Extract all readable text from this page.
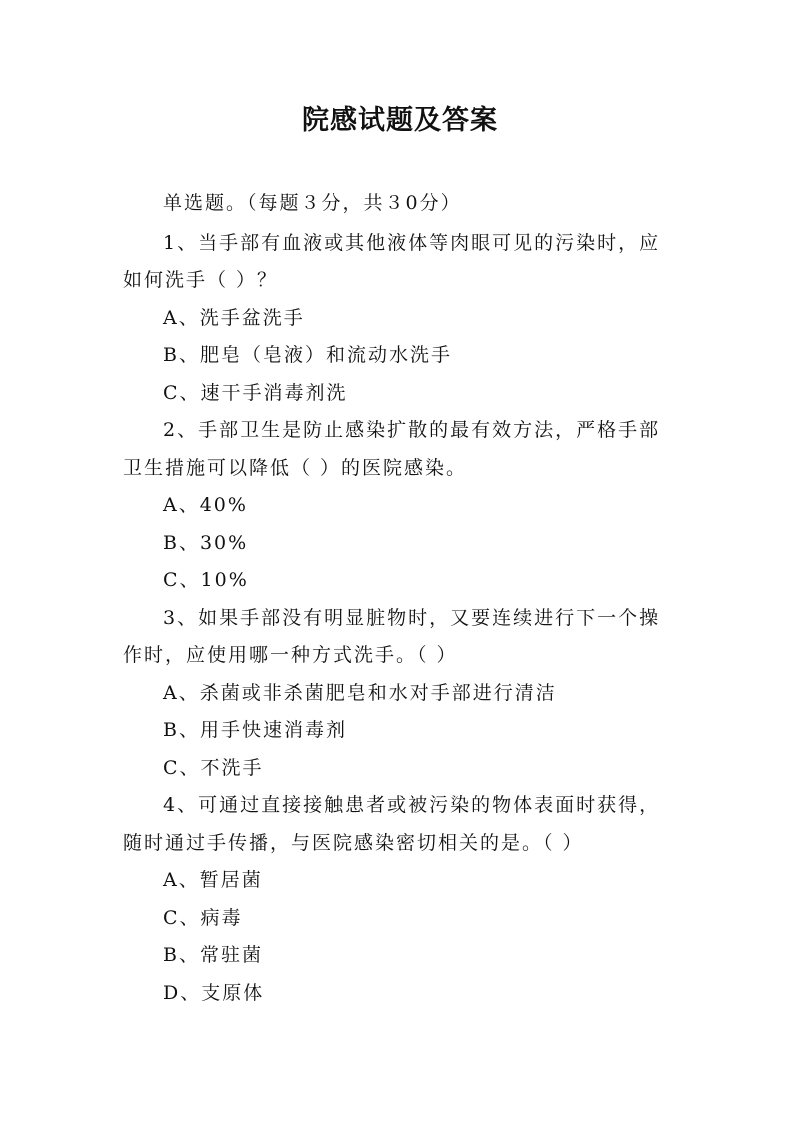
院感试题及答案
单选题。（每题３分，共３0分）
1、当手部有血液或其他液体等肉眼可见的污染时，应
如何洗手（ ）？
A、洗手盆洗手
B、肥皂（皂液）和流动水洗手
C、速干手消毒剂洗
2、手部卫生是防止感染扩散的最有效方法，严格手部
卫生措施可以降低（ ）的医院感染。
A、40%
B、30%
C、10%
3、如果手部没有明显脏物时，又要连续进行下一个操
作时，应使用哪一种方式洗手。（ ）
A、杀菌或非杀菌肥皂和水对手部进行清洁
B、用手快速消毒剂
C、不洗手
4、可通过直接接触患者或被污染的物体表面时获得，
随时通过手传播，与医院感染密切相关的是。（ ）
A、暂居菌
C、病毒
B、常驻菌
D、支原体
